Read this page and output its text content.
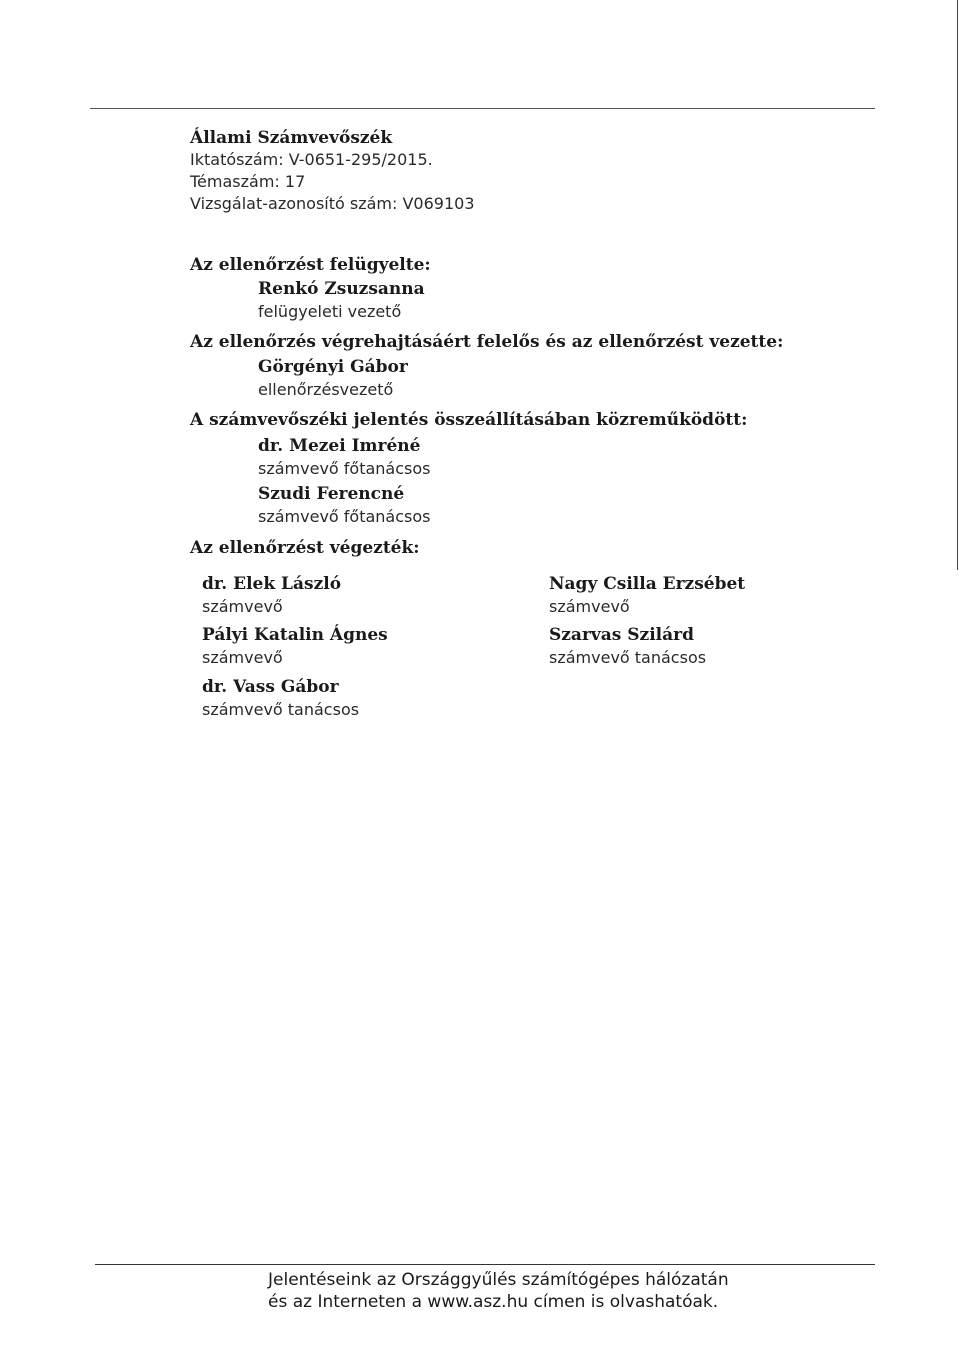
Állami Számvevőszék
Iktatószám: V-0651-295/2015.
Témaszám: 17
Vizsgálat-azonosító szám: V069103
Az ellenőrzést felügyelte:
Renkó Zsuzsanna
felügyeleti vezető
Az ellenőrzés végrehajtásáért felelős és az ellenőrzést vezette:
Görgényi Gábor
ellenőrzésvezető
A számvevőszéki jelentés összeállításában közreműködött:
dr. Mezei Imréné
számvevő főtanácsos
Szudi Ferencné
számvevő főtanácsos
Az ellenőrzést végezték:
dr. Elek László
számvevő
Pályi Katalin Ágnes
számvevő
dr. Vass Gábor
számvevő tanácsos
Nagy Csilla Erzsébet
számvevő
Szarvas Szilárd
számvevő tanácsos
Jelentéseink az Országgyűlés számítógépes hálózatán
és az Interneten a www.asz.hu címen is olvashatóak.
